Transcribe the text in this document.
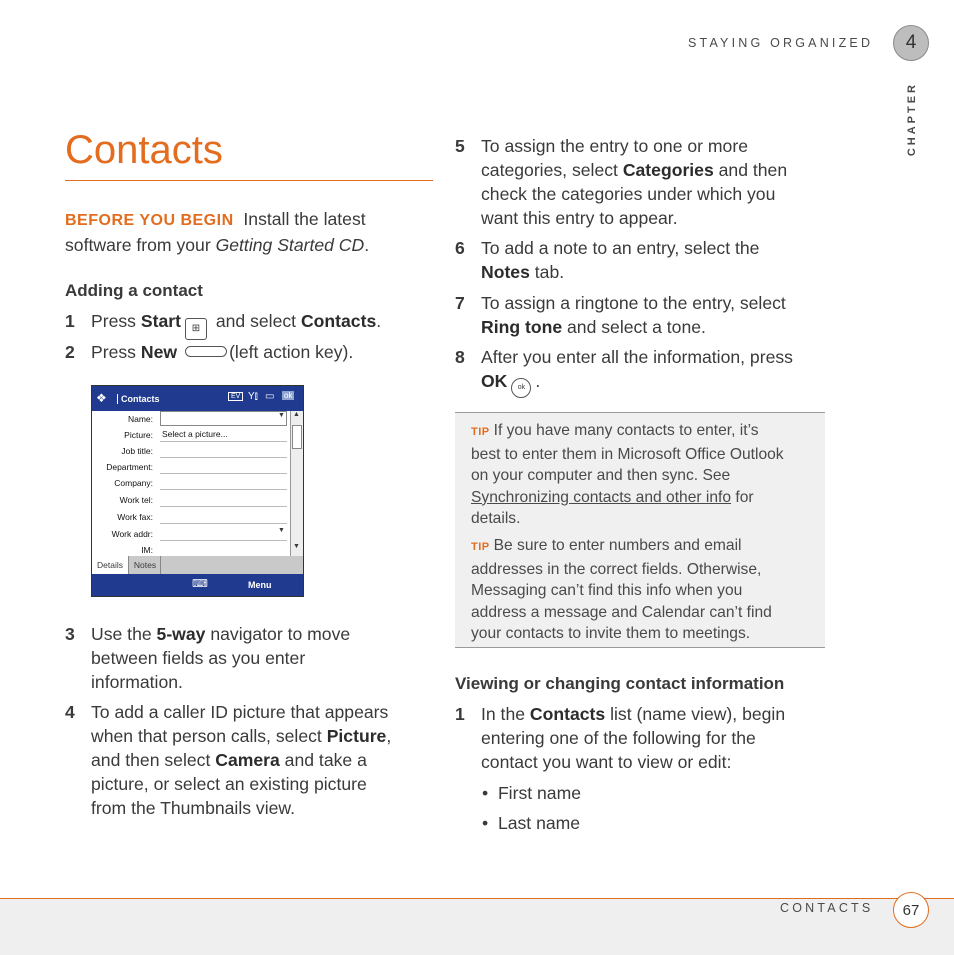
STAYING ORGANIZED 4
CHAPTER
Contacts
BEFORE YOU BEGIN Install the latest
software from your Getting Started CD.
Adding a contact
1 Press Start ⊞ and select Contacts.
2 Press New	(left action key).
❖	Contacts	EV Y⫾ ▭ ok
Name:	▼
Picture: Select a picture...
Job title:
Department:
Company:
Work tel:
Work fax:
Work addr:	▼
IM:
▲
▼
Details	Notes
⌨	Menu
3 Use the 5-way navigator to move
between fields as you enter
information.
4 To add a caller ID picture that appears
when that person calls, select Picture,
and then select Camera and take a
picture, or select an existing picture
from the Thumbnails view.
5 To assign the entry to one or more
categories, select Categories and then
check the categories under which you
want this entry to appear.
6 To add a note to an entry, select the
Notes tab.
7 To assign a ringtone to the entry, select
Ring tone and select a tone.
8 After you enter all the information, press
OK ok .
TIP If you have many contacts to enter, it’s
best to enter them in Microsoft Office Outlook
on your computer and then sync. See
Synchronizing contacts and other info for
details.
TIP Be sure to enter numbers and email
addresses in the correct fields. Otherwise,
Messaging can’t find this info when you
address a message and Calendar can’t find
your contacts to invite them to meetings.
Viewing or changing contact information
1 In the Contacts list (name view), begin
entering one of the following for the
contact you want to view or edit:
•  First name
•  Last name
CONTACTS 67
